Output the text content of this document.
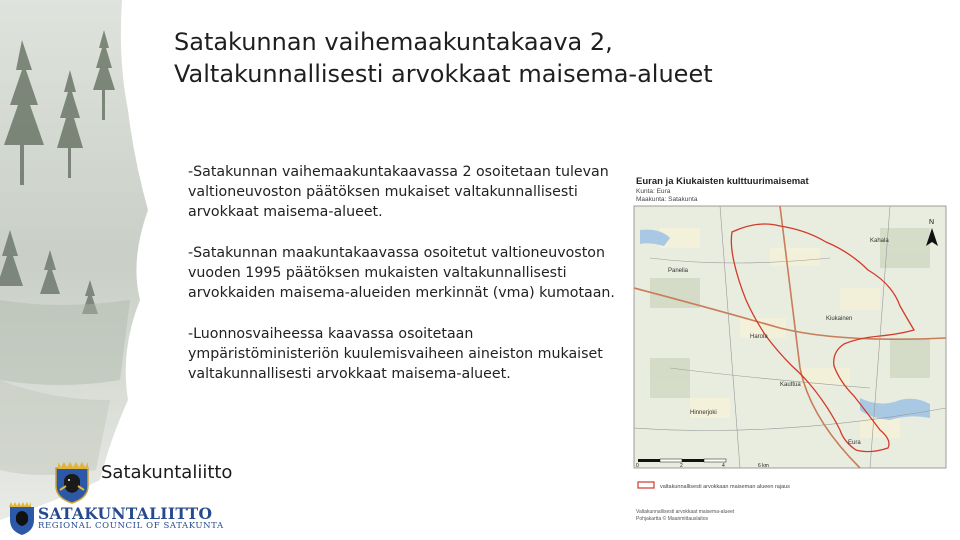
Satakunnan vaihemaakuntakaava 2,
Valtakunnallisesti arvokkaat maisema-alueet

-Satakunnan vaihemaakuntakaavassa 2 osoitetaan tulevan
valtioneuvoston päätöksen mukaiset valtakunnallisesti
arvokkaat maisema-alueet.

-Satakunnan maakuntakaavassa osoitetut valtioneuvoston
vuoden 1995 päätöksen mukaisten valtakunnallisesti
arvokkaiden maisema-alueiden merkinnät (vma) kumotaan.

-Luonnosvaiheessa kaavassa osoitetaan
ympäristöministeriön kuulemisvaiheen aineiston mukaiset
valtakunnallisesti arvokkaat maisema-alueet.

Satakuntaliitto
SATAKUNTALIITTO
REGIONAL COUNCIL OF SATAKUNTA
Euran ja Kiukaisten kulttuurimaisemat
Kunta: Eura
Maakunta: Satakunta
Panelia
Kiukainen
Harola
Kauttua
Eura
Hinnerjoki
Kahala
N
0	2	4	6 km
valtakunnallisesti arvokkaan maiseman alueen rajaus
Valtakunnallisesti arvokkaat maisema-alueet
Pohjakartta © Maanmittauslaitos
